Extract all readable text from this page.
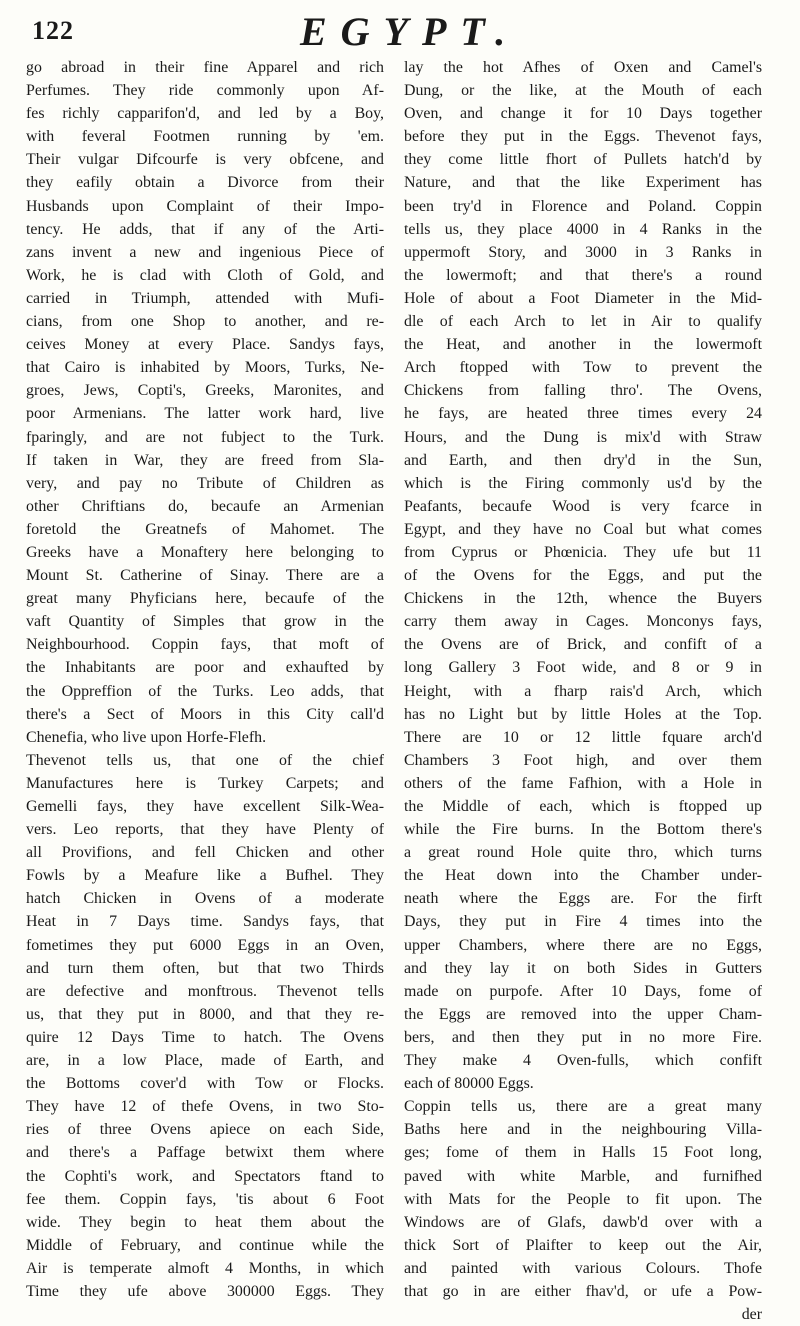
122	EGYPT.
go abroad in their fine Apparel and rich
Perfumes. They ride commonly upon Af-
fes richly capparifon'd, and led by a Boy,
with feveral Footmen running by 'em.
Their vulgar Difcourfe is very obfcene, and
they eafily obtain a Divorce from their
Husbands upon Complaint of their Impo-
tency. He adds, that if any of the Arti-
zans invent a new and ingenious Piece of
Work, he is clad with Cloth of Gold, and
carried in Triumph, attended with Mufi-
cians, from one Shop to another, and re-
ceives Money at every Place. Sandys fays,
that Cairo is inhabited by Moors, Turks, Ne-
groes, Jews, Copti's, Greeks, Maronites, and
poor Armenians. The latter work hard, live
fparingly, and are not fubject to the Turk.
If taken in War, they are freed from Sla-
very, and pay no Tribute of Children as
other Chriftians do, becaufe an Armenian
foretold the Greatnefs of Mahomet. The
Greeks have a Monaftery here belonging to
Mount St. Catherine of Sinay. There are a
great many Phyficians here, becaufe of the
vaft Quantity of Simples that grow in the
Neighbourhood. Coppin fays, that moft of
the Inhabitants are poor and exhaufted by
the Oppreffion of the Turks. Leo adds, that
there's a Sect of Moors in this City call'd
Chenefia, who live upon Horfe-Flefh.
Thevenot tells us, that one of the chief
Manufactures here is Turkey Carpets; and
Gemelli fays, they have excellent Silk-Wea-
vers. Leo reports, that they have Plenty of
all Provifions, and fell Chicken and other
Fowls by a Meafure like a Bufhel. They
hatch Chicken in Ovens of a moderate
Heat in 7 Days time. Sandys fays, that
fometimes they put 6000 Eggs in an Oven,
and turn them often, but that two Thirds
are defective and monftrous. Thevenot tells
us, that they put in 8000, and that they re-
quire 12 Days Time to hatch. The Ovens
are, in a low Place, made of Earth, and
the Bottoms cover'd with Tow or Flocks.
They have 12 of thefe Ovens, in two Sto-
ries of three Ovens apiece on each Side,
and there's a Paffage betwixt them where
the Cophti's work, and Spectators ftand to
fee them. Coppin fays, 'tis about 6 Foot
wide. They begin to heat them about the
Middle of February, and continue while the
Air is temperate almoft 4 Months, in which
Time they ufe above 300000 Eggs. They
lay the hot Afhes of Oxen and Camel's
Dung, or the like, at the Mouth of each
Oven, and change it for 10 Days together
before they put in the Eggs. Thevenot fays,
they come little fhort of Pullets hatch'd by
Nature, and that the like Experiment has
been try'd in Florence and Poland. Coppin
tells us, they place 4000 in 4 Ranks in the
uppermoft Story, and 3000 in 3 Ranks in
the lowermoft; and that there's a round
Hole of about a Foot Diameter in the Mid-
dle of each Arch to let in Air to qualify
the Heat, and another in the lowermoft
Arch ftopped with Tow to prevent the
Chickens from falling thro'. The Ovens,
he fays, are heated three times every 24
Hours, and the Dung is mix'd with Straw
and Earth, and then dry'd in the Sun,
which is the Firing commonly us'd by the
Peafants, becaufe Wood is very fcarce in
Egypt, and they have no Coal but what comes
from Cyprus or Phœnicia. They ufe but 11
of the Ovens for the Eggs, and put the
Chickens in the 12th, whence the Buyers
carry them away in Cages. Monconys fays,
the Ovens are of Brick, and confift of a
long Gallery 3 Foot wide, and 8 or 9 in
Height, with a fharp rais'd Arch, which
has no Light but by little Holes at the Top.
There are 10 or 12 little fquare arch'd
Chambers 3 Foot high, and over them
others of the fame Fafhion, with a Hole in
the Middle of each, which is ftopped up
while the Fire burns. In the Bottom there's
a great round Hole quite thro, which turns
the Heat down into the Chamber under-
neath where the Eggs are. For the firft
Days, they put in Fire 4 times into the
upper Chambers, where there are no Eggs,
and they lay it on both Sides in Gutters
made on purpofe. After 10 Days, fome of
the Eggs are removed into the upper Cham-
bers, and then they put in no more Fire.
They make 4 Oven-fulls, which confift
each of 80000 Eggs.
Coppin tells us, there are a great many
Baths here and in the neighbouring Villa-
ges; fome of them in Halls 15 Foot long,
paved with white Marble, and furnifhed
with Mats for the People to fit upon. The
Windows are of Glafs, dawb'd over with a
thick Sort of Plaifter to keep out the Air,
and painted with various Colours. Thofe
that go in are either fhav'd, or ufe a Pow-
der
